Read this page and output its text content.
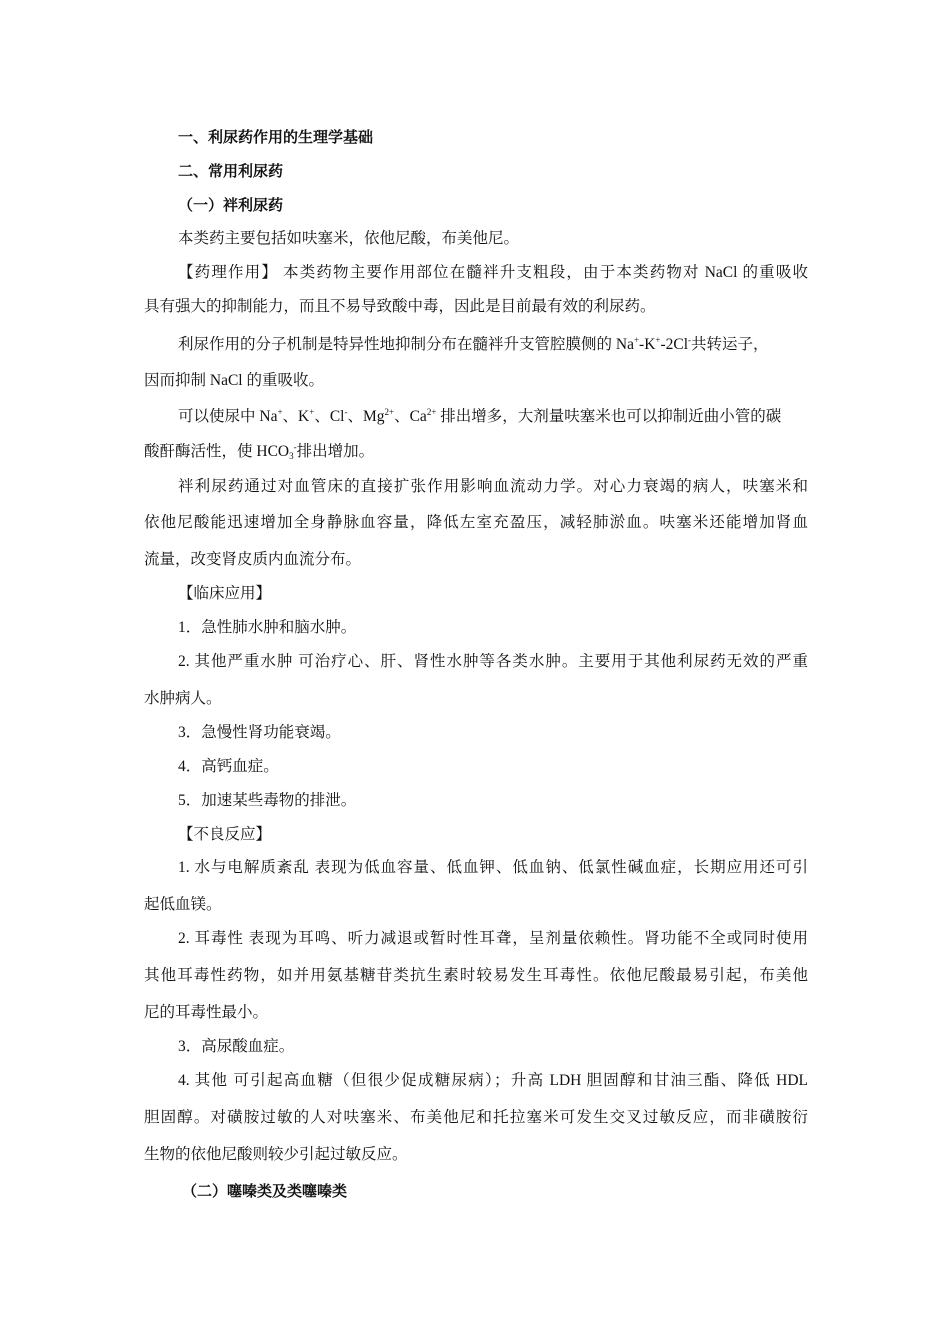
一、利尿药作用的生理学基础
二、常用利尿药
（一）袢利尿药
本类药主要包括如呋塞米，依他尼酸，布美他尼。
【药理作用】 本类药物主要作用部位在髓袢升支粗段，由于本类药物对 NaCl 的重吸收
具有强大的抑制能力，而且不易导致酸中毒，因此是目前最有效的利尿药。
利尿作用的分子机制是特异性地抑制分布在髓袢升支管腔膜侧的 Na+-K+-2Cl-共转运子，
因而抑制 NaCl 的重吸收。
可以使尿中 Na+、K+、Cl-、$Mg^{2+}$、$Ca^{2+}$ 排出增多，大剂量呋塞米也可以抑制近曲小管的碳
酸酐酶活性，使 $HCO_3^-$排出增加。
袢利尿药通过对血管床的直接扩张作用影响血流动力学。对心力衰竭的病人，呋塞米和
依他尼酸能迅速增加全身静脉血容量，降低左室充盈压，减轻肺淤血。呋塞米还能增加肾血
流量，改变肾皮质内血流分布。
【临床应用】
1．急性肺水肿和脑水肿。
2. 其他严重水肿 可治疗心、肝、肾性水肿等各类水肿。主要用于其他利尿药无效的严重
水肿病人。
3．急慢性肾功能衰竭。
4．高钙血症。
5．加速某些毒物的排泄。
【不良反应】
1. 水与电解质紊乱 表现为低血容量、低血钾、低血钠、低氯性碱血症，长期应用还可引
起低血镁。
2. 耳毒性 表现为耳鸣、听力减退或暂时性耳聋，呈剂量依赖性。肾功能不全或同时使用
其他耳毒性药物，如并用氨基糖苷类抗生素时较易发生耳毒性。依他尼酸最易引起，布美他
尼的耳毒性最小。
3．高尿酸血症。
4. 其他 可引起高血糖（但很少促成糖尿病）；升高 LDH 胆固醇和甘油三酯、降低 HDL
胆固醇。对磺胺过敏的人对呋塞米、布美他尼和托拉塞米可发生交叉过敏反应，而非磺胺衍
生物的依他尼酸则较少引起过敏反应。
（二）噻嗪类及类噻嗪类
